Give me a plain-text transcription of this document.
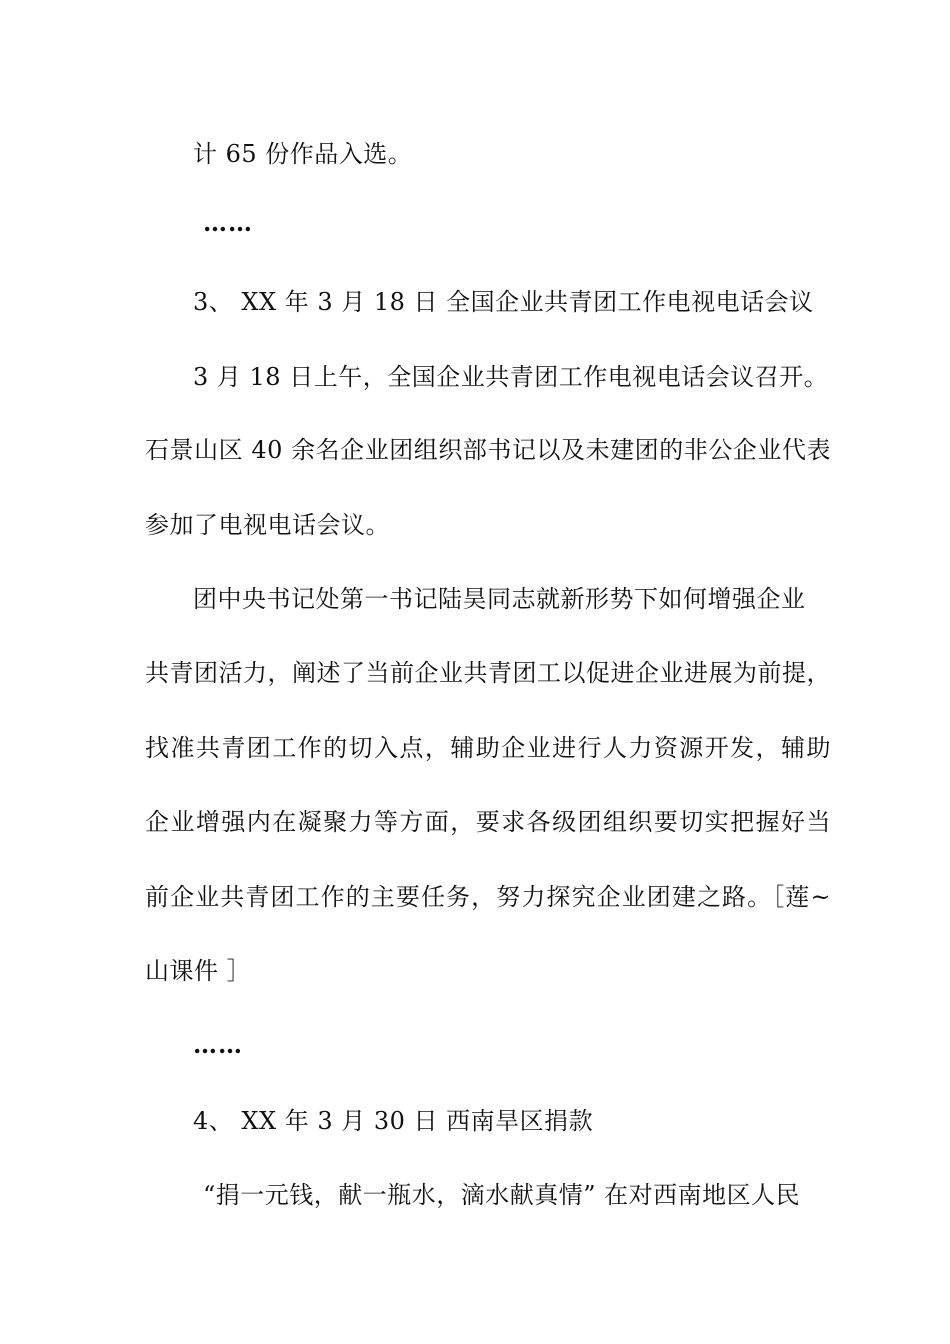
计 65 份作品入选。
……
3、 XX 年 3 月 18 日 全国企业共青团工作电视电话会议
3 月 18 日上午，全国企业共青团工作电视电话会议召开。
石景山区 40 余名企业团组织部书记以及未建团的非公企业代表
参加了电视电话会议。
团中央书记处第一书记陆昊同志就新形势下如何增强企业
共青团活力，阐述了当前企业共青团工以促进企业进展为前提，
找准共青团工作的切入点，辅助企业进行人力资源开发，辅助
企业增强内在凝聚力等方面，要求各级团组织要切实把握好当
前企业共青团工作的主要任务，努力探究企业团建之路。［莲~
山课件 ］
……
4、 XX 年 3 月 30 日 西南旱区捐款
“捐一元钱，献一瓶水，滴水献真情” 在对西南地区人民
